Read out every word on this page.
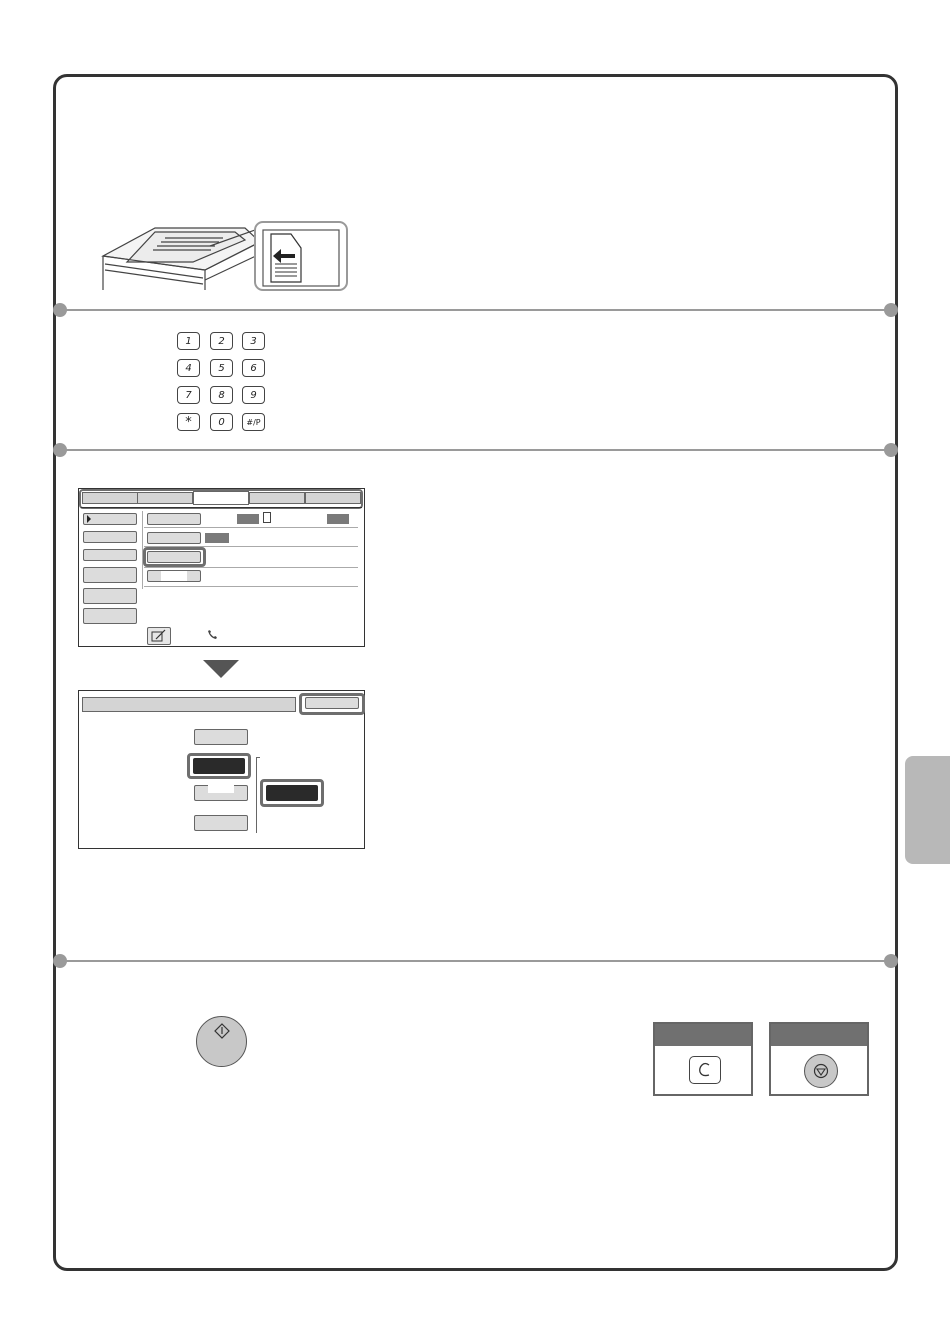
1	2	3
4	5	6
7	8	9
*	0	#/P
